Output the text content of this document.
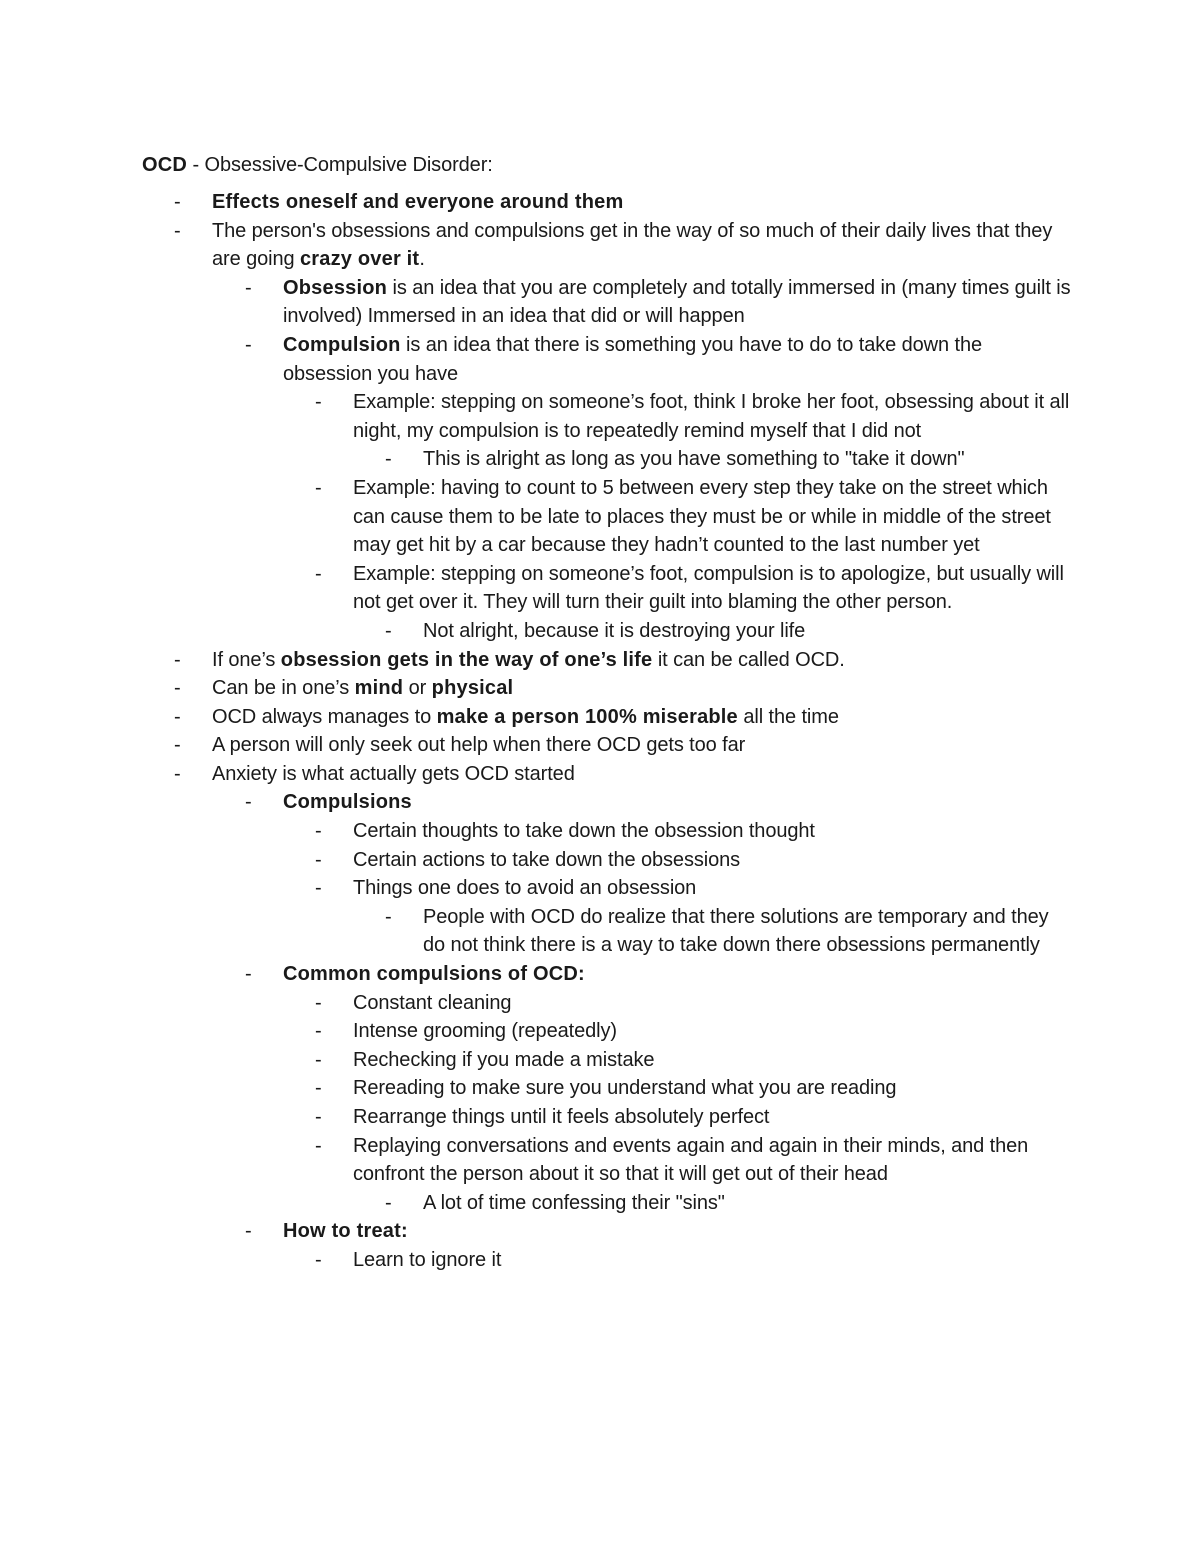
OCD - Obsessive-Compulsive Disorder:
- Effects oneself and everyone around them
- The person's obsessions and compulsions get in the way of so much of their daily lives that they are going crazy over it.
- Obsession is an idea that you are completely and totally immersed in (many times guilt is involved) Immersed in an idea that did or will happen
- Compulsion is an idea that there is something you have to do to take down the obsession you have
- Example: stepping on someone’s foot, think I broke her foot, obsessing about it all night, my compulsion is to repeatedly remind myself that I did not
- This is alright as long as you have something to "take it down"
- Example: having to count to 5 between every step they take on the street which can cause them to be late to places they must be or while in middle of the street may get hit by a car because they hadn’t counted to the last number yet
- Example: stepping on someone’s foot, compulsion is to apologize, but usually will not get over it. They will turn their guilt into blaming the other person.
- Not alright, because it is destroying your life
- If one’s obsession gets in the way of one’s life it can be called OCD.
- Can be in one’s mind or physical
- OCD always manages to make a person 100% miserable all the time
- A person will only seek out help when there OCD gets too far
- Anxiety is what actually gets OCD started
- Compulsions
- Certain thoughts to take down the obsession thought
- Certain actions to take down the obsessions
- Things one does to avoid an obsession
- People with OCD do realize that there solutions are temporary and they do not think there is a way to take down there obsessions permanently
- Common compulsions of OCD:
- Constant cleaning
- Intense grooming (repeatedly)
- Rechecking if you made a mistake
- Rereading to make sure you understand what you are reading
- Rearrange things until it feels absolutely perfect
- Replaying conversations and events again and again in their minds, and then confront the person about it so that it will get out of their head
- A lot of time confessing their "sins"
- How to treat:
- Learn to ignore it
